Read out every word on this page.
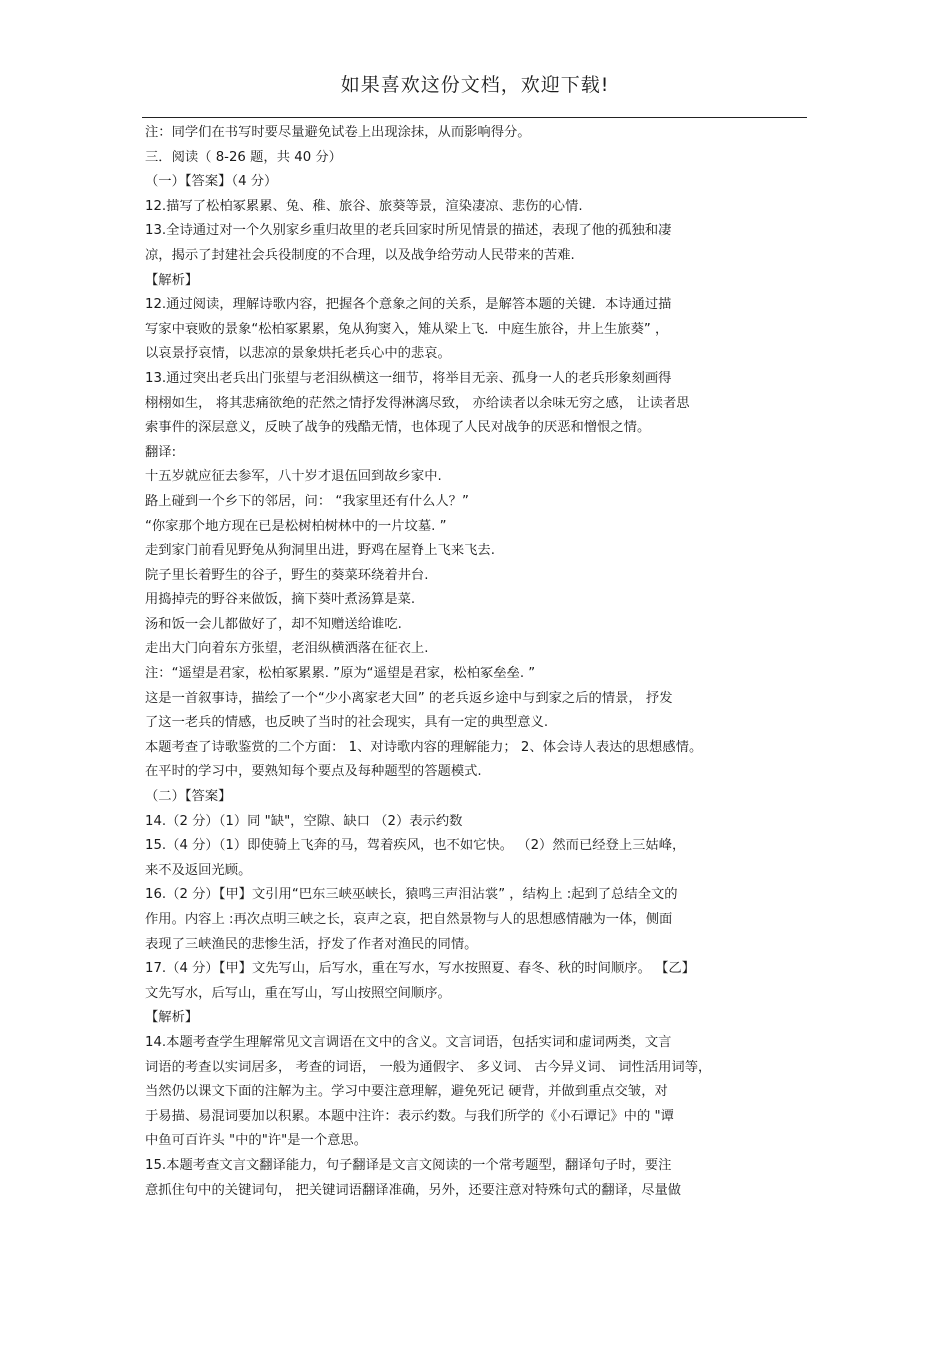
如果喜欢这份文档，欢迎下载!
注：同学们在书写时要尽量避免试卷上出现涂抹，从而影响得分。
三．阅读（ 8-26 题，共 40 分）
（一）【答案】（4 分）
12.描写了松柏冢累累、兔、稚、旅谷、旅葵等景，渲染凄凉、悲伤的心情.
13.全诗通过对一个久别家乡重归故里的老兵回家时所见情景的描述，表现了他的孤独和凄
凉，揭示了封建社会兵役制度的不合理，以及战争给劳动人民带来的苦难.
【解析】
12.通过阅读，理解诗歌内容，把握各个意象之间的关系，是解答本题的关键．本诗通过描
写家中衰败的景象“松柏冢累累，兔从狗窦入，雉从梁上飞．中庭生旅谷，井上生旅葵” ，
以哀景抒哀情，以悲凉的景象烘托老兵心中的悲哀。
13.通过突出老兵出门张望与老泪纵横这一细节，将举目无亲、孤身一人的老兵形象刻画得
栩栩如生， 将其悲痛欲绝的茫然之情抒发得淋漓尽致， 亦给读者以余味无穷之感， 让读者思
索事件的深层意义，反映了战争的残酷无情，也体现了人民对战争的厌恶和憎恨之情。
翻译:
十五岁就应征去参军，八十岁才退伍回到故乡家中.
路上碰到一个乡下的邻居，问： “我家里还有什么人？”
“你家那个地方现在已是松树柏树林中的一片坟墓. ”
走到家门前看见野兔从狗洞里出进，野鸡在屋脊上飞来飞去.
院子里长着野生的谷子，野生的葵菜环绕着井台.
用捣掉壳的野谷来做饭，摘下葵叶煮汤算是菜.
汤和饭一会儿都做好了，却不知赠送给谁吃.
走出大门向着东方张望，老泪纵横洒落在征衣上.
注：“遥望是君家，松柏冢累累. ”原为“遥望是君家，松柏冢垒垒. ”
这是一首叙事诗，描绘了一个“少小离家老大回” 的老兵返乡途中与到家之后的情景， 抒发
了这一老兵的情感，也反映了当时的社会现实，具有一定的典型意义.
本题考查了诗歌鉴赏的二个方面： 1、对诗歌内容的理解能力； 2、体会诗人表达的思想感情。
在平时的学习中，要熟知每个要点及每种题型的答题模式.
（二）【答案】
14.（2 分）（1）同 "缺"，空隙、缺口 （2）表示约数
15.（4 分）（1）即使骑上飞奔的马，驾着疾风，也不如它快。 （2）然而已经登上三姑峰，
来不及返回光顾。
16.（2 分）【甲】文引用“巴东三峡巫峡长，猿鸣三声泪沾裳” ，结构上 :起到了总结全文的
作用。内容上 :再次点明三峡之长，哀声之哀，把自然景物与人的思想感情融为一体，侧面
表现了三峡渔民的悲惨生活，抒发了作者对渔民的同情。
17.（4 分）【甲】文先写山，后写水，重在写水，写水按照夏、春冬、秋的时间顺序。 【乙】
文先写水，后写山，重在写山，写山按照空间顺序。
【解析】
14.本题考查学生理解常见文言调语在文中的含义。文言词语，包括实词和虚词两类，文言
词语的考查以实词居多， 考查的词语， 一般为通假字、 多义词、 古今异义词、 词性活用词等，
当然仍以课文下面的注解为主。学习中要注意理解，避免死记 硬背，并做到重点交皱，对
于易描、易混词要加以积累。本题中注许：表示约数。与我们所学的《小石谭记》中的 "谭
中鱼可百许头 "中的"许"是一个意思。
15.本题考查文言文翻译能力，句子翻译是文言文阅读的一个常考题型，翻译句子时，要注
意抓住句中的关键词句， 把关键词语翻译准确，另外，还要注意对特殊句式的翻译，尽量做
